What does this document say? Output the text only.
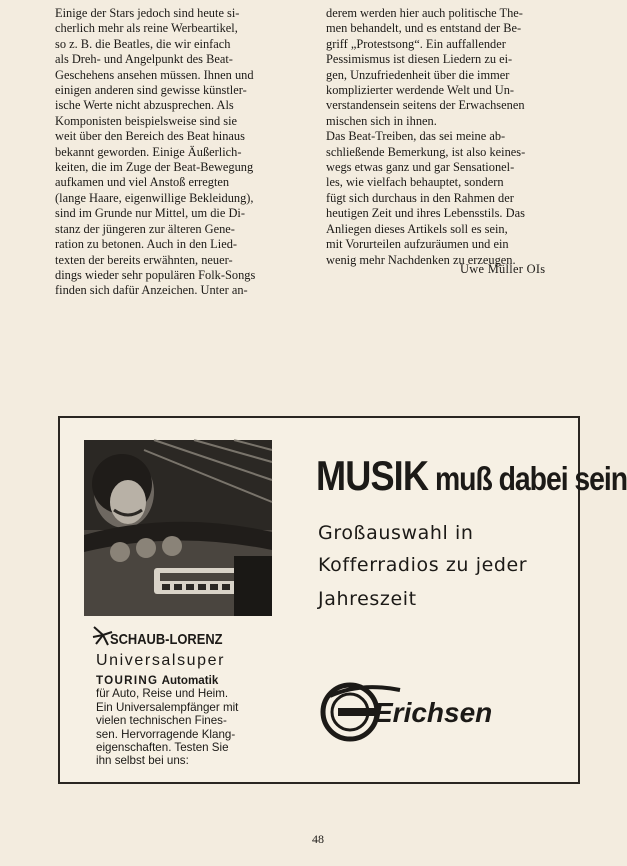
Einige der Stars jedoch sind heute si-
cherlich mehr als reine Werbeartikel,
so z. B. die Beatles, die wir einfach
als Dreh- und Angelpunkt des Beat-
Geschehens ansehen müssen. Ihnen und
einigen anderen sind gewisse künstler-
ische Werte nicht abzusprechen. Als
Komponisten beispielsweise sind sie
weit über den Bereich des Beat hinaus
bekannt geworden. Einige Äußerlich-
keiten, die im Zuge der Beat-Bewegung
aufkamen und viel Anstoß erregten
(lange Haare, eigenwillige Bekleidung),
sind im Grunde nur Mittel, um die Di-
stanz der jüngeren zur älteren Gene-
ration zu betonen. Auch in den Lied-
texten der bereits erwähnten, neuer-
dings wieder sehr populären Folk-Songs
finden sich dafür Anzeichen. Unter an-
derem werden hier auch politische The-
men behandelt, und es entstand der Be-
griff „Protestsong“. Ein auffallender
Pessimismus ist diesen Liedern zu ei-
gen, Unzufriedenheit über die immer
komplizierter werdende Welt und Un-
verstandensein seitens der Erwachsenen
mischen sich in ihnen.
Das Beat-Treiben, das sei meine ab-
schließende Bemerkung, ist also keines-
wegs etwas ganz und gar Sensationel-
les, wie vielfach behauptet, sondern
fügt sich durchaus in den Rahmen der
heutigen Zeit und ihres Lebensstils. Das
Anliegen dieses Artikels soll es sein,
mit Vorurteilen aufzuräumen und ein
wenig mehr Nachdenken zu erzeugen.
Uwe Müller OIs
MUSIK muß dabei sein
Großauswahl in
Kofferradios zu jeder
Jahreszeit
SCHAUB-LORENZ
Universalsuper
TOURING Automatik
für Auto, Reise und Heim.
Ein Universalempfänger mit
vielen technischen Fines-
sen. Hervorragende Klang-
eigenschaften. Testen Sie
ihn selbst bei uns:
Erichsen
48
